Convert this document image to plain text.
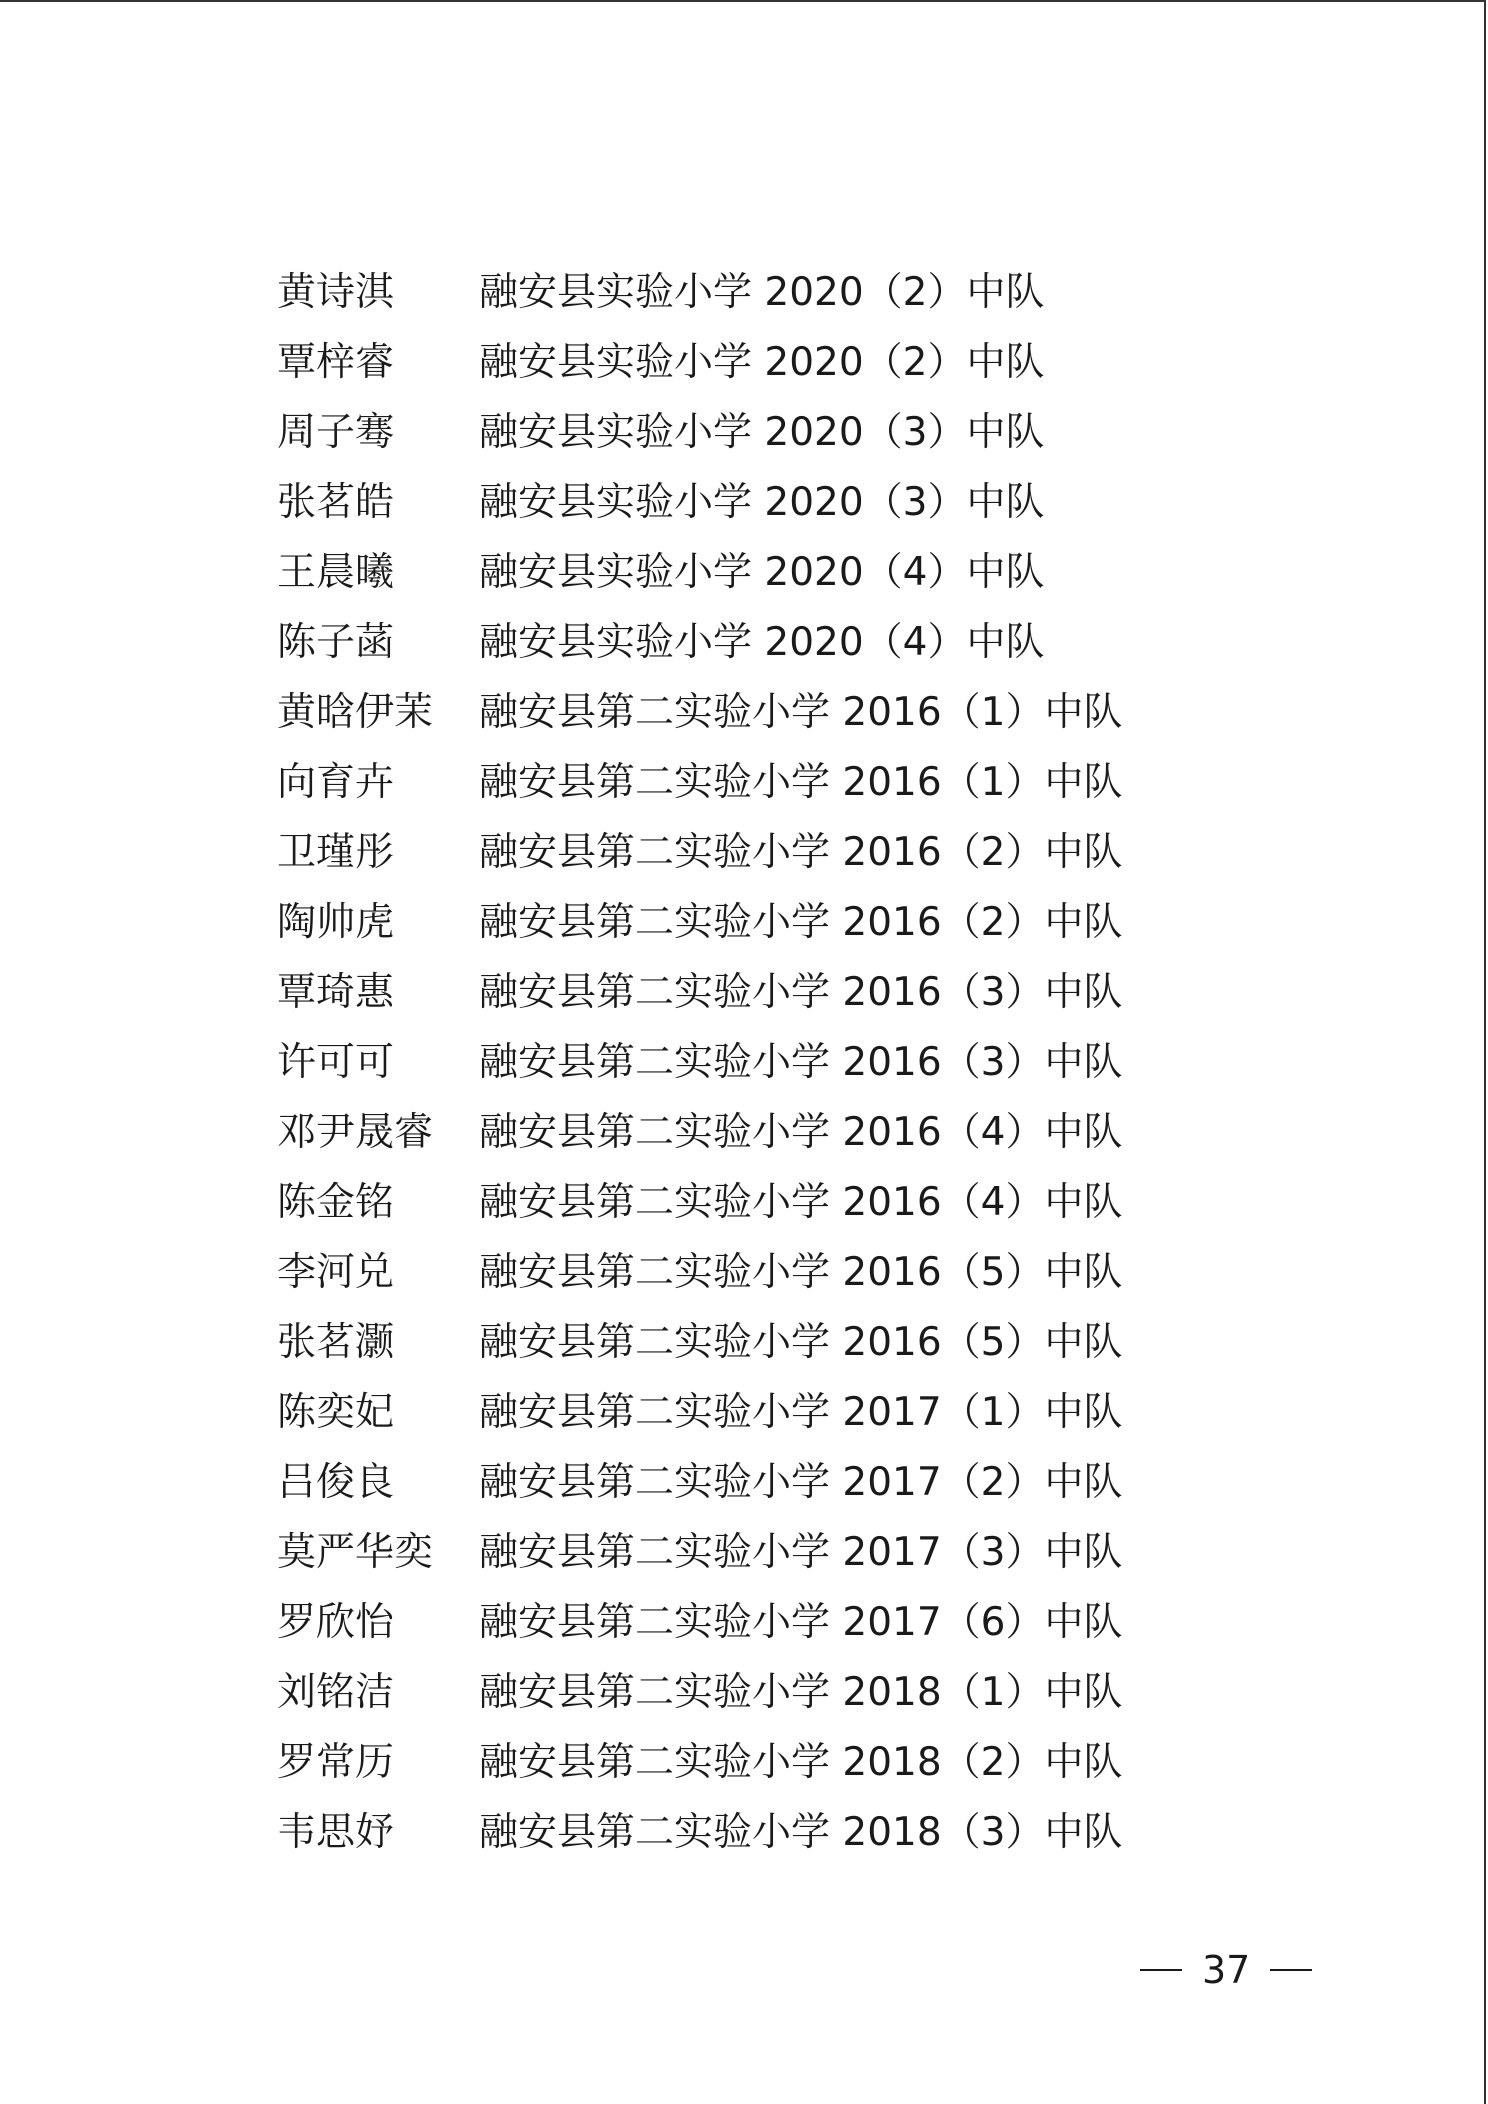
黄诗淇	融安县实验小学 2020（2）中队
覃梓睿	融安县实验小学 2020（2）中队
周子骞	融安县实验小学 2020（3）中队
张茗皓	融安县实验小学 2020（3）中队
王晨曦	融安县实验小学 2020（4）中队
陈子菡	融安县实验小学 2020（4）中队
黄晗伊茉	融安县第二实验小学 2016（1）中队
向育卉	融安县第二实验小学 2016（1）中队
卫瑾彤	融安县第二实验小学 2016（2）中队
陶帅虎	融安县第二实验小学 2016（2）中队
覃琦惠	融安县第二实验小学 2016（3）中队
许可可	融安县第二实验小学 2016（3）中队
邓尹晟睿	融安县第二实验小学 2016（4）中队
陈金铭	融安县第二实验小学 2016（4）中队
李河兑	融安县第二实验小学 2016（5）中队
张茗灏	融安县第二实验小学 2016（5）中队
陈奕妃	融安县第二实验小学 2017（1）中队
吕俊良	融安县第二实验小学 2017（2）中队
莫严华奕	融安县第二实验小学 2017（3）中队
罗欣怡	融安县第二实验小学 2017（6）中队
刘铭洁	融安县第二实验小学 2018（1）中队
罗常历	融安县第二实验小学 2018（2）中队
韦思妤	融安县第二实验小学 2018（3）中队
37
